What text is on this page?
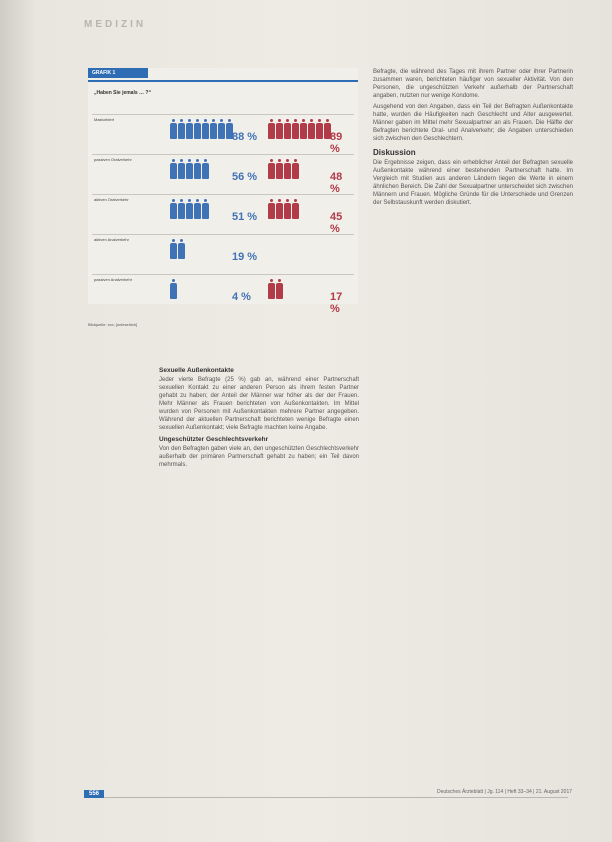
MEDIZIN
GRAFIK 1
„Haben Sie jemals … ?“
Masturbiert
88 %	89 %
passiven Oralverkehr
56 %	48 %
aktiven Oralverkehr
51 %	45 %
aktiven Analverkehr
19 %
passiven Analverkehr
4 %	17 %
Bildquelle: xxx; [unleserlich]
Sexuelle Außenkontakte

Jeder vierte Befragte (25 %) gab an, während einer Partnerschaft sexuellen Kontakt zu einer anderen Person als ihrem festen Partner gehabt zu haben; der Anteil der Männer war höher als der der Frauen. Mehr Männer als Frauen berichteten von Außenkontakten. Im Mittel wurden von Personen mit Außenkontakten mehrere Partner angegeben. Während der aktuellen Partnerschaft berichteten wenige Befragte einen sexuellen Außenkontakt; viele Befragte machten keine Angabe.

Ungeschützter Geschlechtsverkehr

Von den Befragten gaben viele an, den ungeschützten Geschlechtsverkehr außerhalb der primären Partnerschaft gehabt zu haben; ein Teil davon mehrmals.

Befragte, die während des Tages mit ihrem Partner oder ihrer Partnerin zusammen waren, berichteten häufiger von sexueller Aktivität. Von den Personen, die ungeschützten Verkehr außerhalb der Partnerschaft angaben, nutzten nur wenige Kondome.

Ausgehend von den Angaben, dass ein Teil der Befragten Außenkontakte hatte, wurden die Häufigkeiten nach Geschlecht und Alter ausgewertet. Männer gaben im Mittel mehr Sexualpartner an als Frauen. Die Hälfte der Befragten berichtete Oral- und Analverkehr; die Angaben unterschieden sich zwischen den Geschlechtern.

Diskussion

Die Ergebnisse zeigen, dass ein erheblicher Anteil der Befragten sexuelle Außenkontakte während einer bestehenden Partnerschaft hatte. Im Vergleich mit Studien aus anderen Ländern liegen die Werte in einem ähnlichen Bereich. Die Zahl der Sexualpartner unterscheidet sich zwischen Männern und Frauen. Mögliche Gründe für die Unterschiede und Grenzen der Selbstauskunft werden diskutiert.

556	Deutsches Ärzteblatt | Jg. 114 | Heft 33–34 | 21. August 2017
